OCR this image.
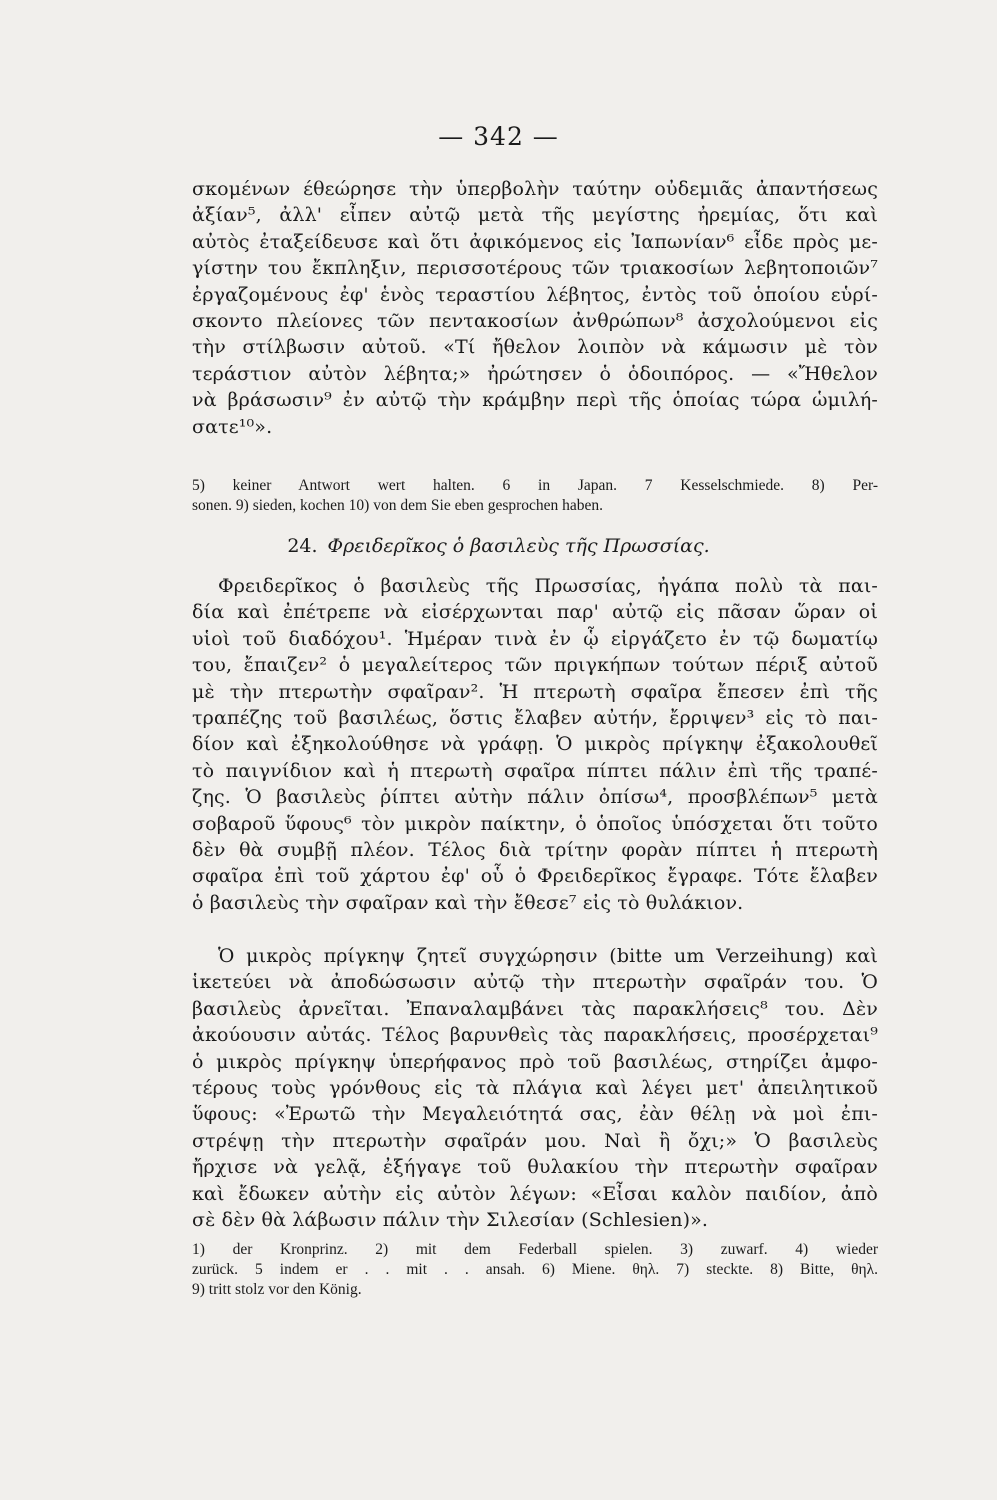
— 342 —
σκομένων έθεώρησε τὴν ὑπερβολὴν ταύτην οὐδεμιᾶς ἀπαντήσεως
ἀξίαν⁵, ἀλλ' εἶπεν αὐτῷ μετὰ τῆς μεγίστης ἠρεμίας, ὅτι καὶ
αὐτὸς ἐταξείδευσε καὶ ὅτι ἀφικόμενος εἰς Ἰαπωνίαν⁶ εἶδε πρὸς με-
γίστην του ἔκπληξιν, περισσοτέρους τῶν τριακοσίων λεβητοποιῶν⁷
ἐργαζομένους ἐφ' ἑνὸς τεραστίου λέβητος, ἐντὸς τοῦ ὁποίου εὑρί-
σκοντο πλείονες τῶν πεντακοσίων ἀνθρώπων⁸ ἀσχολούμενοι εἰς
τὴν στίλβωσιν αὐτοῦ. «Τί ἤθελον λοιπὸν νὰ κάμωσιν μὲ τὸν
τεράστιον αὐτὸν λέβητα;» ἠρώτησεν ὁ ὁδοιπόρος. — «Ἤθελον
νὰ βράσωσιν⁹ ἐν αὐτῷ τὴν κράμβην περὶ τῆς ὁποίας τώρα ὡμιλή-
σατε¹⁰».
5) keiner Antwort wert halten. 6 in Japan. 7 Kesselschmiede. 8) Per-
sonen. 9) sieden, kochen 10) von dem Sie eben gesprochen haben.
24. Φρειδερῖκος ὁ βασιλεὺς τῆς Πρωσσίας.
Φρειδερῖκος ὁ βασιλεὺς τῆς Πρωσσίας, ἠγάπα πολὺ τὰ παι-
δία καὶ ἐπέτρεπε νὰ εἰσέρχωνται παρ' αὐτῷ εἰς πᾶσαν ὥραν οἱ
υἱοὶ τοῦ διαδόχου¹. Ἡμέραν τινὰ ἐν ᾧ εἰργάζετο ἐν τῷ δωματίῳ
του, ἔπαιζεν² ὁ μεγαλείτερος τῶν πριγκήπων τούτων πέριξ αὐτοῦ
μὲ τὴν πτερωτὴν σφαῖραν². Ἡ πτερωτὴ σφαῖρα ἔπεσεν ἐπὶ τῆς
τραπέζης τοῦ βασιλέως, ὅστις ἔλαβεν αὐτήν, ἔρριψεν³ εἰς τὸ παι-
δίον καὶ ἐξηκολούθησε νὰ γράφῃ. Ὁ μικρὸς πρίγκηψ ἐξακολουθεῖ
τὸ παιγνίδιον καὶ ἡ πτερωτὴ σφαῖρα πίπτει πάλιν ἐπὶ τῆς τραπέ-
ζης. Ὁ βασιλεὺς ῥίπτει αὐτὴν πάλιν ὀπίσω⁴, προσβλέπων⁵ μετὰ
σοβαροῦ ὕφους⁶ τὸν μικρὸν παίκτην, ὁ ὁποῖος ὑπόσχεται ὅτι τοῦτο
δὲν θὰ συμβῇ πλέον. Τέλος διὰ τρίτην φορὰν πίπτει ἡ πτερωτὴ
σφαῖρα ἐπὶ τοῦ χάρτου ἐφ' οὗ ὁ Φρειδερῖκος ἔγραφε. Τότε ἔλαβεν
ὁ βασιλεὺς τὴν σφαῖραν καὶ τὴν ἔθεσε⁷ εἰς τὸ θυλάκιον.
Ὁ μικρὸς πρίγκηψ ζητεῖ συγχώρησιν (bitte um Verzeihung) καὶ
ἱκετεύει νὰ ἀποδώσωσιν αὐτῷ τὴν πτερωτὴν σφαῖράν του. Ὁ
βασιλεὺς ἀρνεῖται. Ἐπαναλαμβάνει τὰς παρακλήσεις⁸ του. Δὲν
ἀκούουσιν αὐτάς. Τέλος βαρυνθεὶς τὰς παρακλήσεις, προσέρχεται⁹
ὁ μικρὸς πρίγκηψ ὑπερήφανος πρὸ τοῦ βασιλέως, στηρίζει ἀμφο-
τέρους τοὺς γρόνθους εἰς τὰ πλάγια καὶ λέγει μετ' ἀπειλητικοῦ
ὕφους: «Ἐρωτῶ τὴν Μεγαλειότητά σας, ἐὰν θέλῃ νὰ μοὶ ἐπι-
στρέψῃ τὴν πτερωτὴν σφαῖράν μου. Ναὶ ἢ ὄχι;» Ὁ βασιλεὺς
ἤρχισε νὰ γελᾷ, ἐξήγαγε τοῦ θυλακίου τὴν πτερωτὴν σφαῖραν
καὶ ἔδωκεν αὐτὴν εἰς αὐτὸν λέγων: «Εἶσαι καλὸν παιδίον, ἀπὸ
σὲ δὲν θὰ λάβωσιν πάλιν τὴν Σιλεσίαν (Schlesien)».
1) der Kronprinz. 2) mit dem Federball spielen. 3) zuwarf. 4) wieder
zurück. 5 indem er . . mit . . ansah. 6) Miene. θηλ. 7) steckte. 8) Bitte, θηλ.
9) tritt stolz vor den König.
